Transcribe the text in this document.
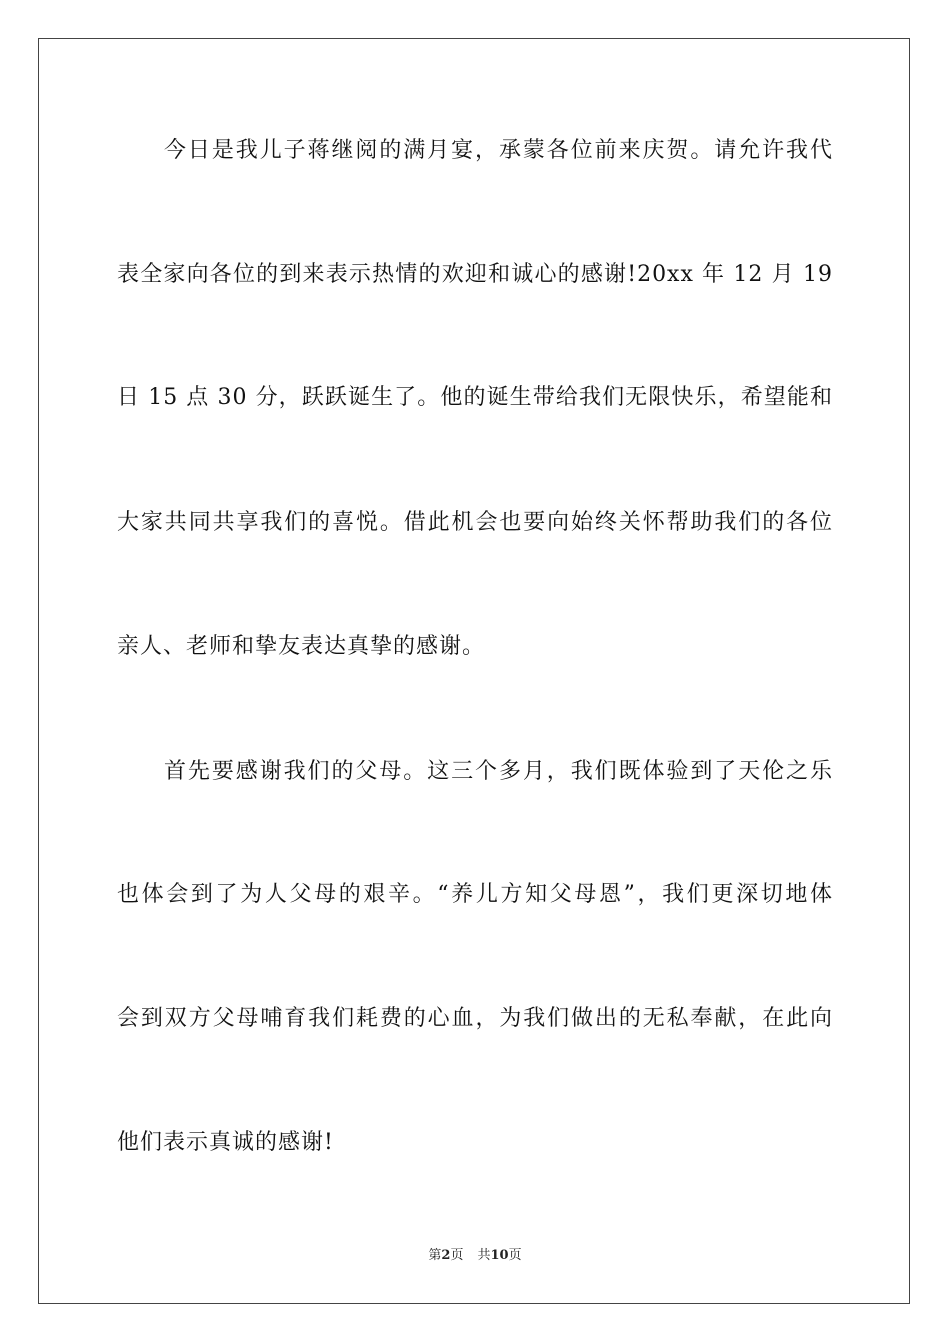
今日是我儿子蒋继阅的满月宴，承蒙各位前来庆贺。请允许我代
表全家向各位的到来表示热情的欢迎和诚心的感谢!20xx 年 12 月 19
日 15 点 30 分，跃跃诞生了。他的诞生带给我们无限快乐，希望能和
大家共同共享我们的喜悦。借此机会也要向始终关怀帮助我们的各位
亲人、老师和挚友表达真挚的感谢。
首先要感谢我们的父母。这三个多月，我们既体验到了天伦之乐
也体会到了为人父母的艰辛。“养儿方知父母恩”，我们更深切地体
会到双方父母哺育我们耗费的心血，为我们做出的无私奉献，在此向
他们表示真诚的感谢!
第2页 共10页
